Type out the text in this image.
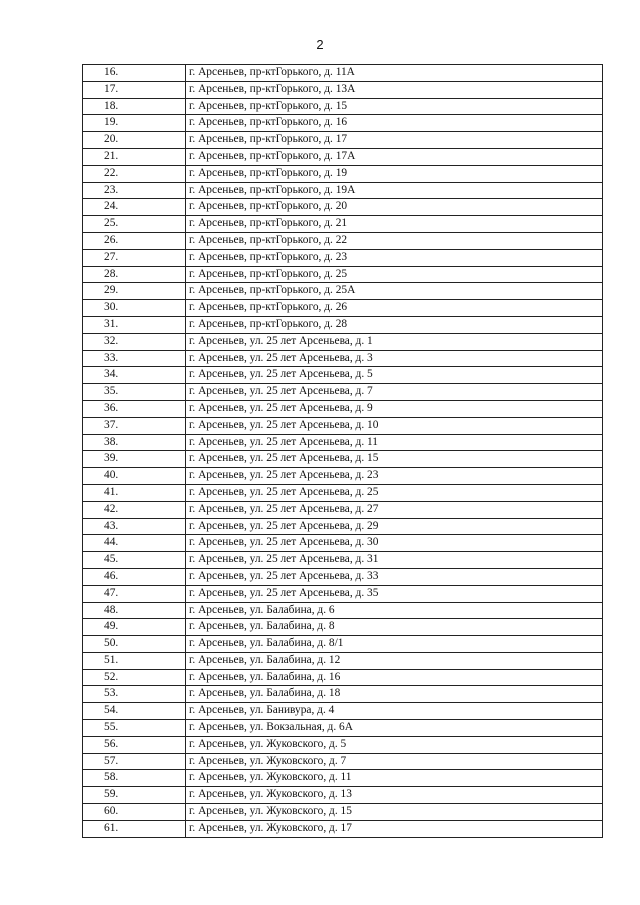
2
16.	г. Арсеньев, пр-ктГорького, д. 11А
17.	г. Арсеньев, пр-ктГорького, д. 13А
18.	г. Арсеньев, пр-ктГорького, д. 15
19.	г. Арсеньев, пр-ктГорького, д. 16
20.	г. Арсеньев, пр-ктГорького, д. 17
21.	г. Арсеньев, пр-ктГорького, д. 17А
22.	г. Арсеньев, пр-ктГорького, д. 19
23.	г. Арсеньев, пр-ктГорького, д. 19А
24.	г. Арсеньев, пр-ктГорького, д. 20
25.	г. Арсеньев, пр-ктГорького, д. 21
26.	г. Арсеньев, пр-ктГорького, д. 22
27.	г. Арсеньев, пр-ктГорького, д. 23
28.	г. Арсеньев, пр-ктГорького, д. 25
29.	г. Арсеньев, пр-ктГорького, д. 25А
30.	г. Арсеньев, пр-ктГорького, д. 26
31.	г. Арсеньев, пр-ктГорького, д. 28
32.	г. Арсеньев, ул. 25 лет Арсеньева, д. 1
33.	г. Арсеньев, ул. 25 лет Арсеньева, д. 3
34.	г. Арсеньев, ул. 25 лет Арсеньева, д. 5
35.	г. Арсеньев, ул. 25 лет Арсеньева, д. 7
36.	г. Арсеньев, ул. 25 лет Арсеньева, д. 9
37.	г. Арсеньев, ул. 25 лет Арсеньева, д. 10
38.	г. Арсеньев, ул. 25 лет Арсеньева, д. 11
39.	г. Арсеньев, ул. 25 лет Арсеньева, д. 15
40.	г. Арсеньев, ул. 25 лет Арсеньева, д. 23
41.	г. Арсеньев, ул. 25 лет Арсеньева, д. 25
42.	г. Арсеньев, ул. 25 лет Арсеньева, д. 27
43.	г. Арсеньев, ул. 25 лет Арсеньева, д. 29
44.	г. Арсеньев, ул. 25 лет Арсеньева, д. 30
45.	г. Арсеньев, ул. 25 лет Арсеньева, д. 31
46.	г. Арсеньев, ул. 25 лет Арсеньева, д. 33
47.	г. Арсеньев, ул. 25 лет Арсеньева, д. 35
48.	г. Арсеньев, ул. Балабина, д. 6
49.	г. Арсеньев, ул. Балабина, д. 8
50.	г. Арсеньев, ул. Балабина, д. 8/1
51.	г. Арсеньев, ул. Балабина, д. 12
52.	г. Арсеньев, ул. Балабина, д. 16
53.	г. Арсеньев, ул. Балабина, д. 18
54.	г. Арсеньев, ул. Банивура, д. 4
55.	г. Арсеньев, ул. Вокзальная, д. 6А
56.	г. Арсеньев, ул. Жуковского, д. 5
57.	г. Арсеньев, ул. Жуковского, д. 7
58.	г. Арсеньев, ул. Жуковского, д. 11
59.	г. Арсеньев, ул. Жуковского, д. 13
60.	г. Арсеньев, ул. Жуковского, д. 15
61.	г. Арсеньев, ул. Жуковского, д. 17
